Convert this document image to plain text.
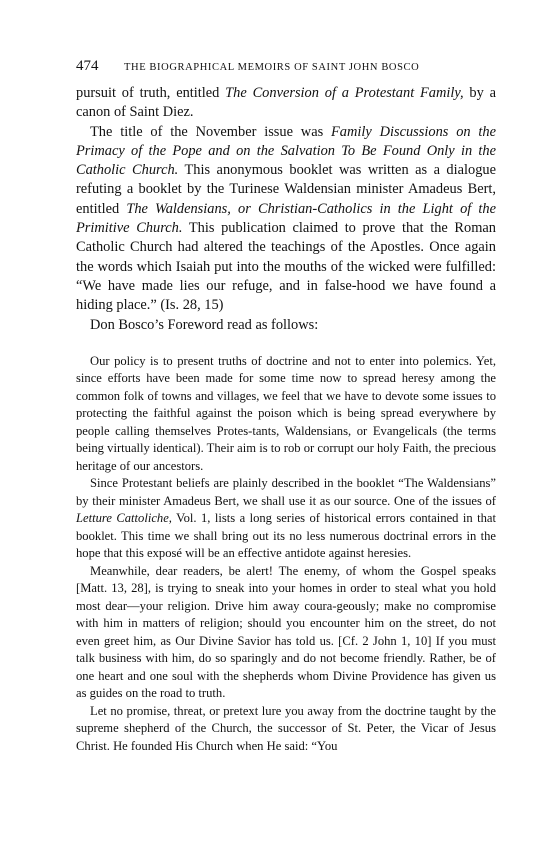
474	THE BIOGRAPHICAL MEMOIRS OF SAINT JOHN BOSCO

pursuit of truth, entitled The Conversion of a Protestant Family, by a canon of Saint Diez.

The title of the November issue was Family Discussions on the Primacy of the Pope and on the Salvation To Be Found Only in the Catholic Church. This anonymous booklet was written as a dialogue refuting a booklet by the Turinese Waldensian minister Amadeus Bert, entitled The Waldensians, or Christian-Catholics in the Light of the Primitive Church. This publication claimed to prove that the Roman Catholic Church had altered the teachings of the Apostles. Once again the words which Isaiah put into the mouths of the wicked were fulfilled: “We have made lies our refuge, and in false-hood we have found a hiding place.” (Is. 28, 15)

Don Bosco’s Foreword read as follows:

Our policy is to present truths of doctrine and not to enter into polemics. Yet, since efforts have been made for some time now to spread heresy among the common folk of towns and villages, we feel that we have to devote some issues to protecting the faithful against the poison which is being spread everywhere by people calling themselves Protes-tants, Waldensians, or Evangelicals (the terms being virtually identical). Their aim is to rob or corrupt our holy Faith, the precious heritage of our ancestors.

Since Protestant beliefs are plainly described in the booklet “The Waldensians” by their minister Amadeus Bert, we shall use it as our source. One of the issues of Letture Cattoliche, Vol. 1, lists a long series of historical errors contained in that booklet. This time we shall bring out its no less numerous doctrinal errors in the hope that this exposé will be an effective antidote against heresies.

Meanwhile, dear readers, be alert! The enemy, of whom the Gospel speaks [Matt. 13, 28], is trying to sneak into your homes in order to steal what you hold most dear—your religion. Drive him away coura-geously; make no compromise with him in matters of religion; should you encounter him on the street, do not even greet him, as Our Divine Savior has told us. [Cf. 2 John 1, 10] If you must talk business with him, do so sparingly and do not become friendly. Rather, be of one heart and one soul with the shepherds whom Divine Providence has given us as guides on the road to truth.

Let no promise, threat, or pretext lure you away from the doctrine taught by the supreme shepherd of the Church, the successor of St. Peter, the Vicar of Jesus Christ. He founded His Church when He said: “You
